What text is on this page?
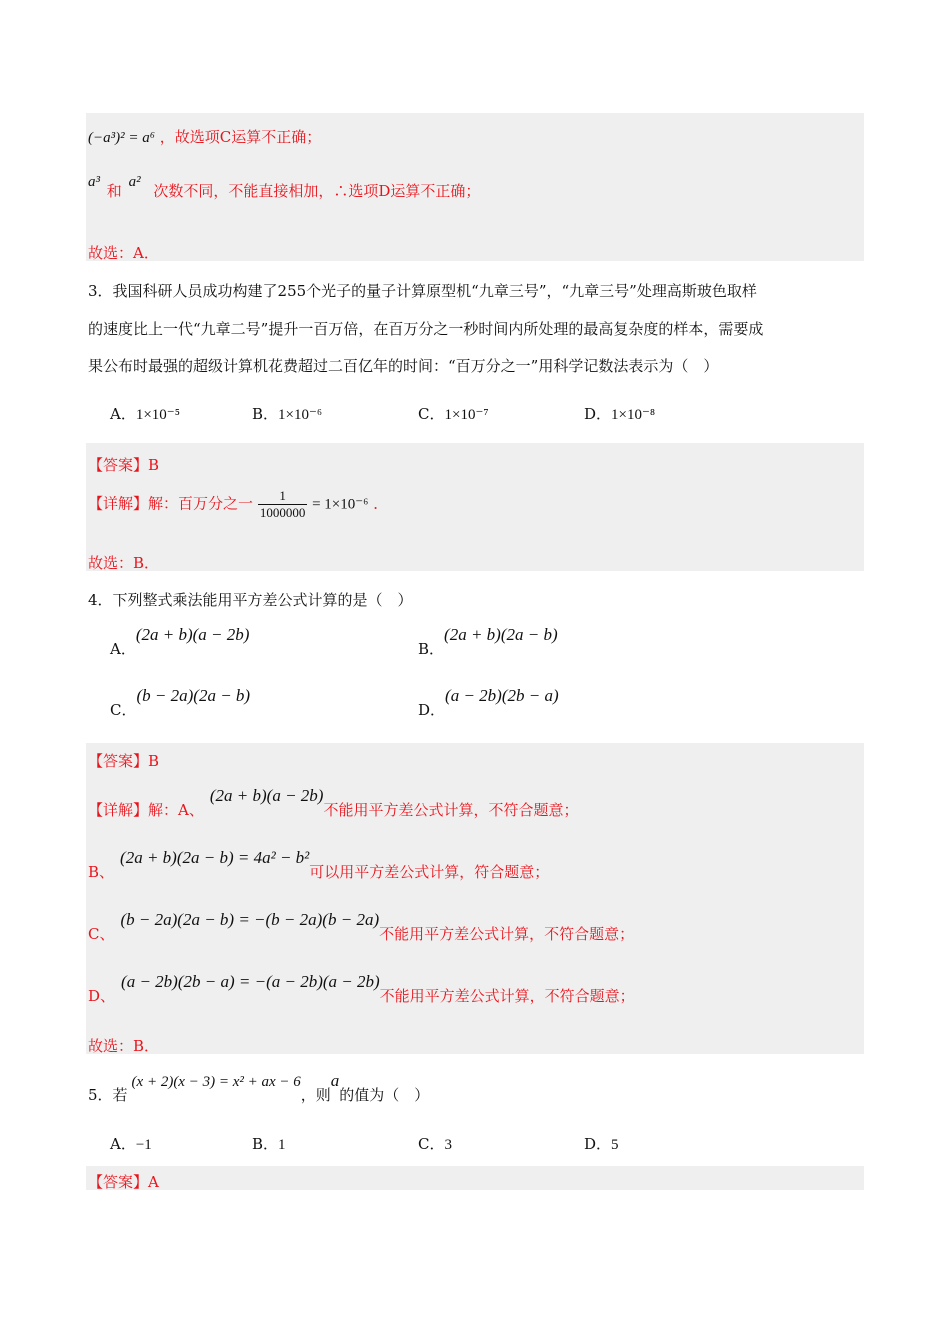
(−a³)² = a⁶ ，故选项C运算不正确；
a³ 和 a² 次数不同，不能直接相加，∴选项D运算不正确；
故选：A．
3．我国科研人员成功构建了255个光子的量子计算原型机“九章三号”，“九章三号”处理高斯玻色取样
的速度比上一代“九章二号”提升一百万倍，在百万分之一秒时间内所处理的最高复杂度的样本，需要成
果公布时最强的超级计算机花费超过二百亿年的时间：“百万分之一”用科学记数法表示为（　）
A．1×10⁻⁵	B．1×10⁻⁶	C．1×10⁻⁷	D．1×10⁻⁸
【答案】B
【详解】解：百万分之一 $\frac{1}{1000000} = 1\times 10^{-6}$ ．
故选：B．
4．下列整式乘法能用平方差公式计算的是（　）
A．(2a + b)(a − 2b)
B．(2a + b)(2a − b)
C．(b − 2a)(2a − b)
D．(a − 2b)(2b − a)
【答案】B
【详解】解：A、(2a + b)(a − 2b)不能用平方差公式计算，不符合题意；
B、(2a + b)(2a − b) = 4a² − b²可以用平方差公式计算，符合题意；
C、(b − 2a)(2a − b) = −(b − 2a)(b − 2a)不能用平方差公式计算，不符合题意；
D、(a − 2b)(2b − a) = −(a − 2b)(a − 2b)不能用平方差公式计算，不符合题意；
故选：B．
5．若(x + 2)(x − 3) = x² + ax − 6，则a的值为（　）
A．−1	B．1	C．3	D．5
【答案】A
